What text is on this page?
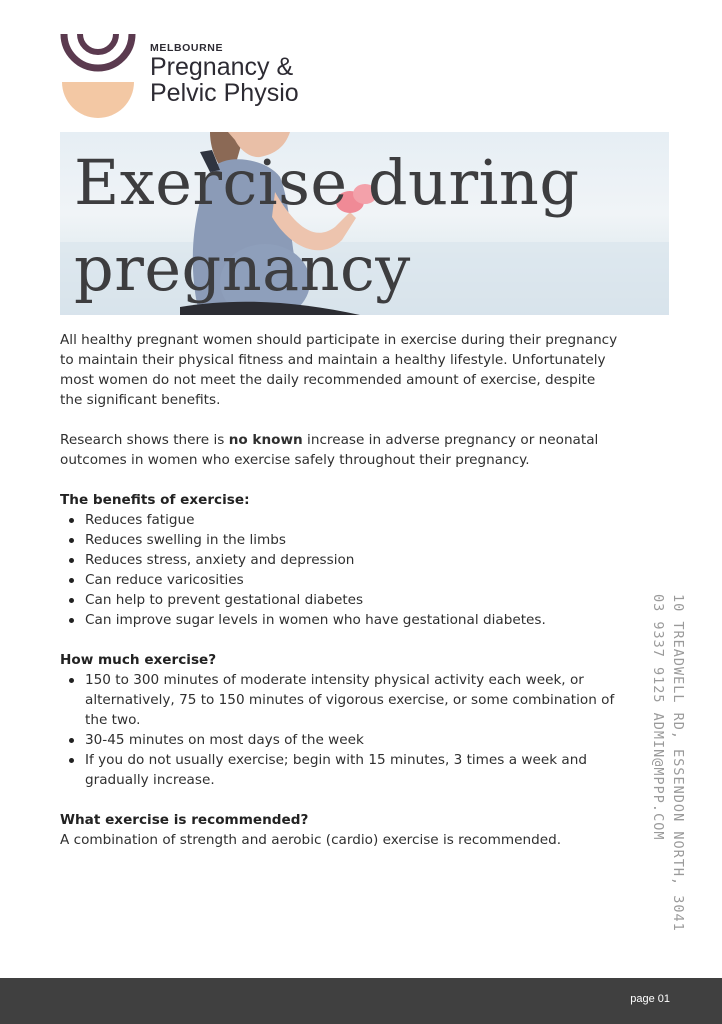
MELBOURNE
Pregnancy &
Pelvic Physio
Exercise during
pregnancy

All healthy pregnant women should participate in exercise during their pregnancy to maintain their physical fitness and maintain a healthy lifestyle. Unfortunately most women do not meet the daily recommended amount of exercise, despite the significant benefits.

Research shows there is no known increase in adverse pregnancy or neonatal outcomes in women who exercise safely throughout their pregnancy.

The benefits of exercise:

Reduces fatigue
Reduces swelling in the limbs
Reduces stress, anxiety and depression
Can reduce varicosities
Can help to prevent gestational diabetes
Can improve sugar levels in women who have gestational diabetes.

How much exercise?

150 to 300 minutes of moderate intensity physical activity each week, or alternatively, 75 to 150 minutes of vigorous exercise, or some combination of the two.
30-45 minutes on most days of the week
If you do not usually exercise; begin with 15 minutes, 3 times a week and gradually increase.

What exercise is recommended?

A combination of strength and aerobic (cardio) exercise is recommended.	10 TREADWELL RD, ESSENDON NORTH, 3041
03 9337 9125 ADMIN@MPPP.COM
page 01
